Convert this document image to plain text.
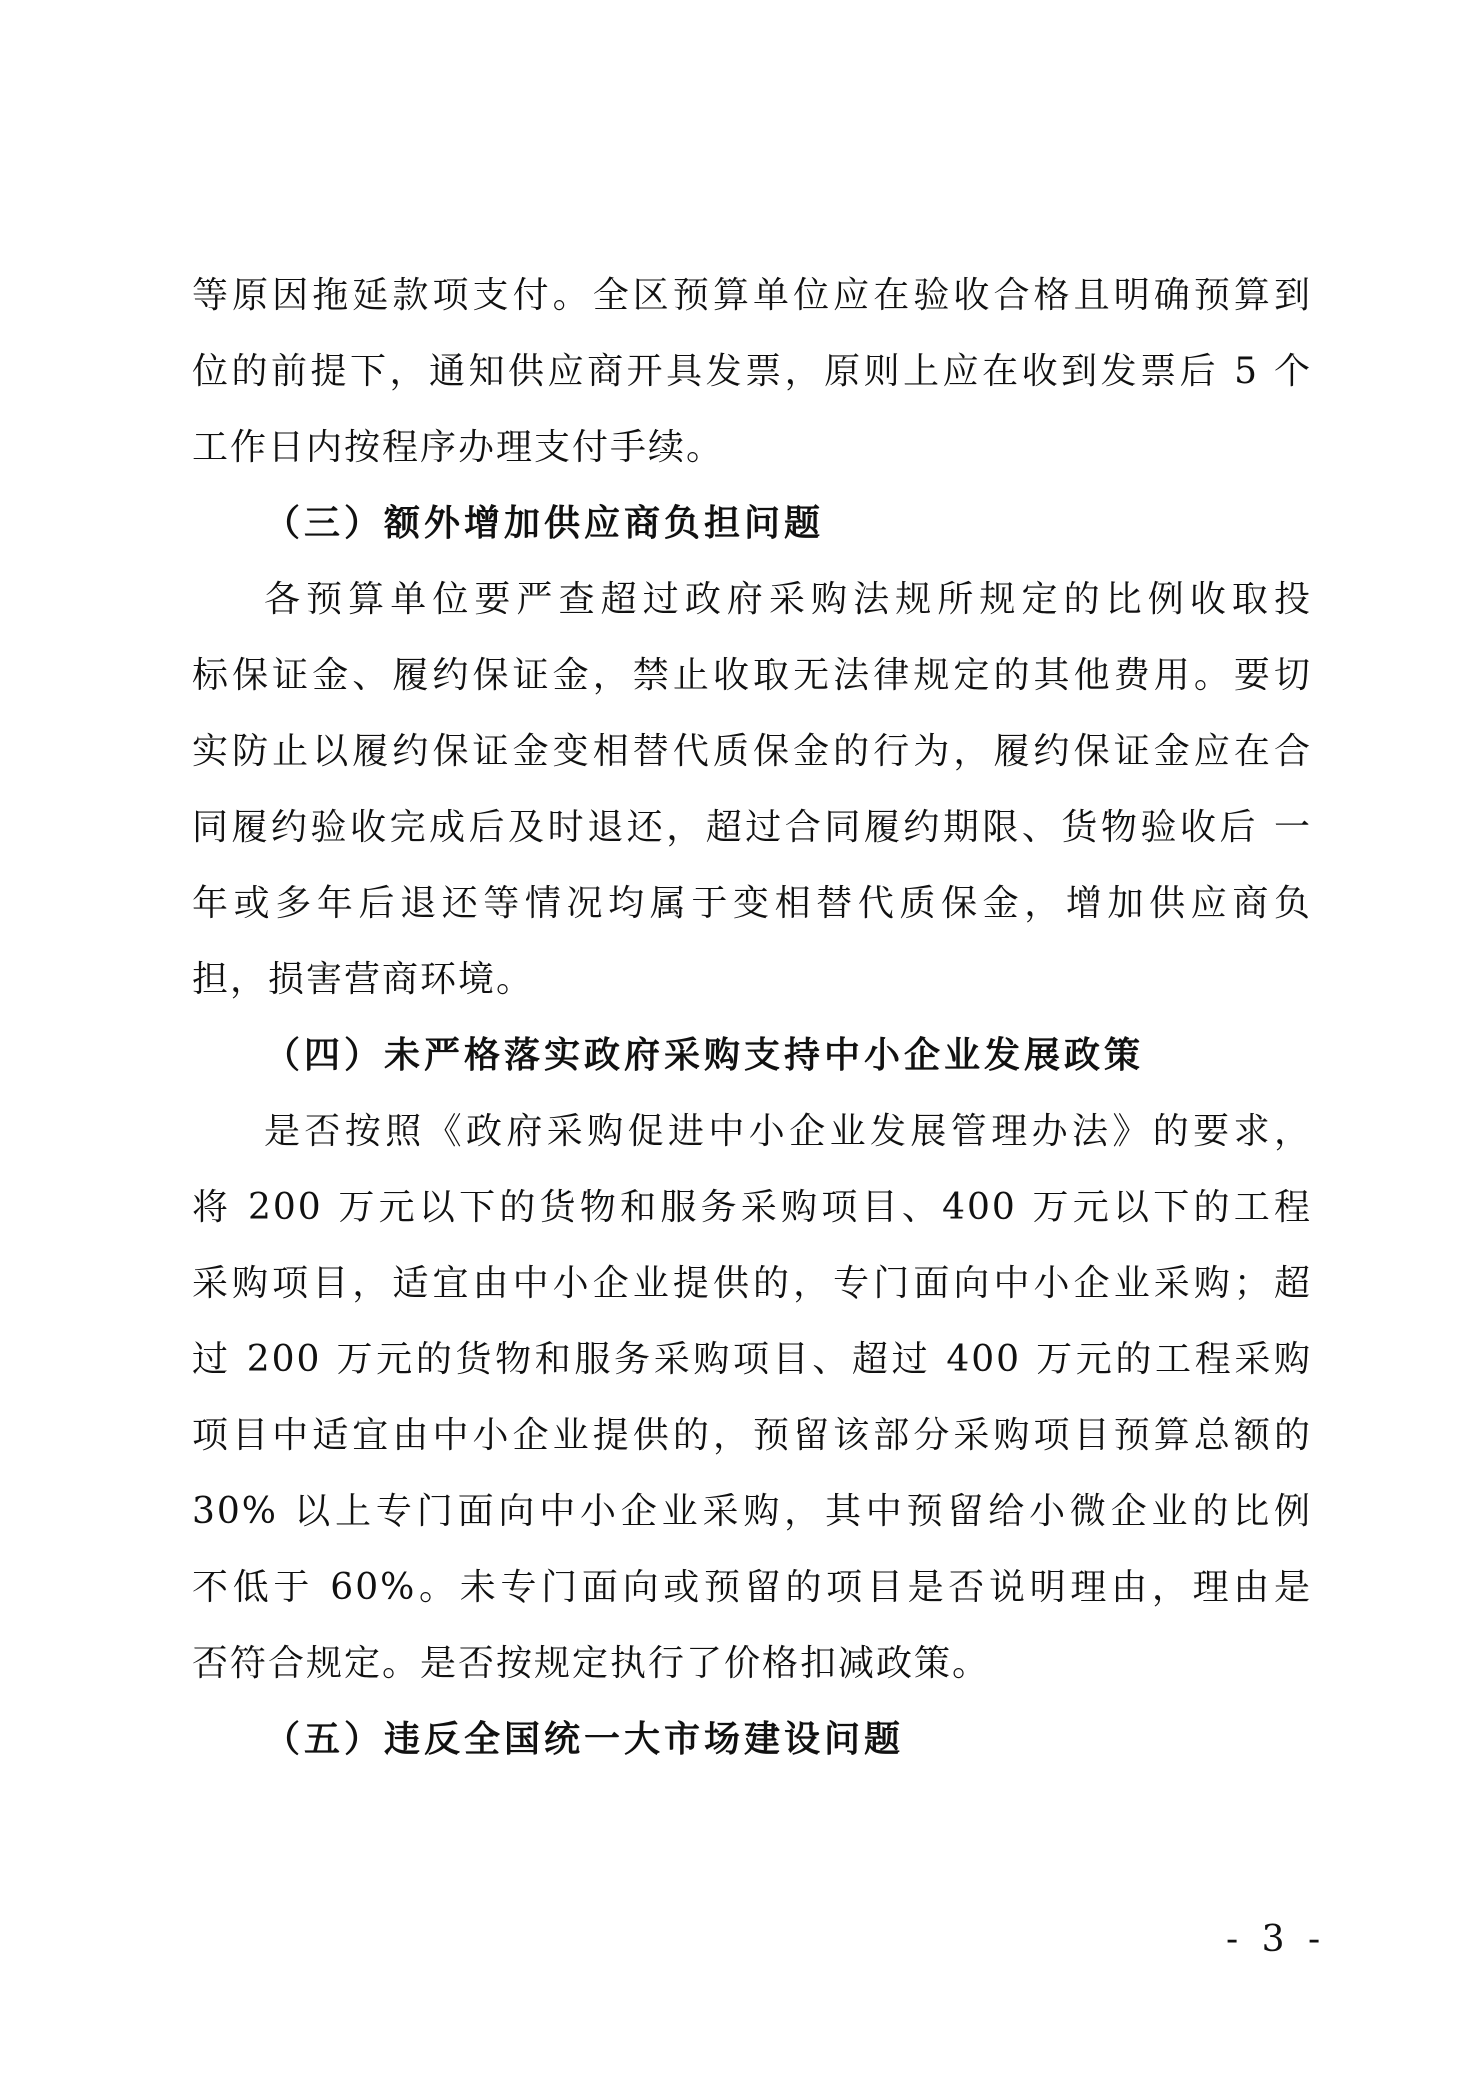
等原因拖延款项支付。全区预算单位应在验收合格且明确预算到
位的前提下，通知供应商开具发票，原则上应在收到发票后 5 个
工作日内按程序办理支付手续。
（三）额外增加供应商负担问题
各预算单位要严查超过政府采购法规所规定的比例收取投
标保证金、履约保证金，禁止收取无法律规定的其他费用。要切
实防止以履约保证金变相替代质保金的行为，履约保证金应在合
同履约验收完成后及时退还，超过合同履约期限、货物验收后 一
年或多年后退还等情况均属于变相替代质保金，增加供应商负
担，损害营商环境。
（四）未严格落实政府采购支持中小企业发展政策
是否按照《政府采购促进中小企业发展管理办法》的要求，
将 200 万元以下的货物和服务采购项目、400 万元以下的工程
采购项目，适宜由中小企业提供的，专门面向中小企业采购；超
过 200 万元的货物和服务采购项目、超过 400 万元的工程采购
项目中适宜由中小企业提供的，预留该部分采购项目预算总额的
30% 以上专门面向中小企业采购，其中预留给小微企业的比例
不低于 60%。未专门面向或预留的项目是否说明理由，理由是
否符合规定。是否按规定执行了价格扣减政策。
（五）违反全国统一大市场建设问题
- 3 -
